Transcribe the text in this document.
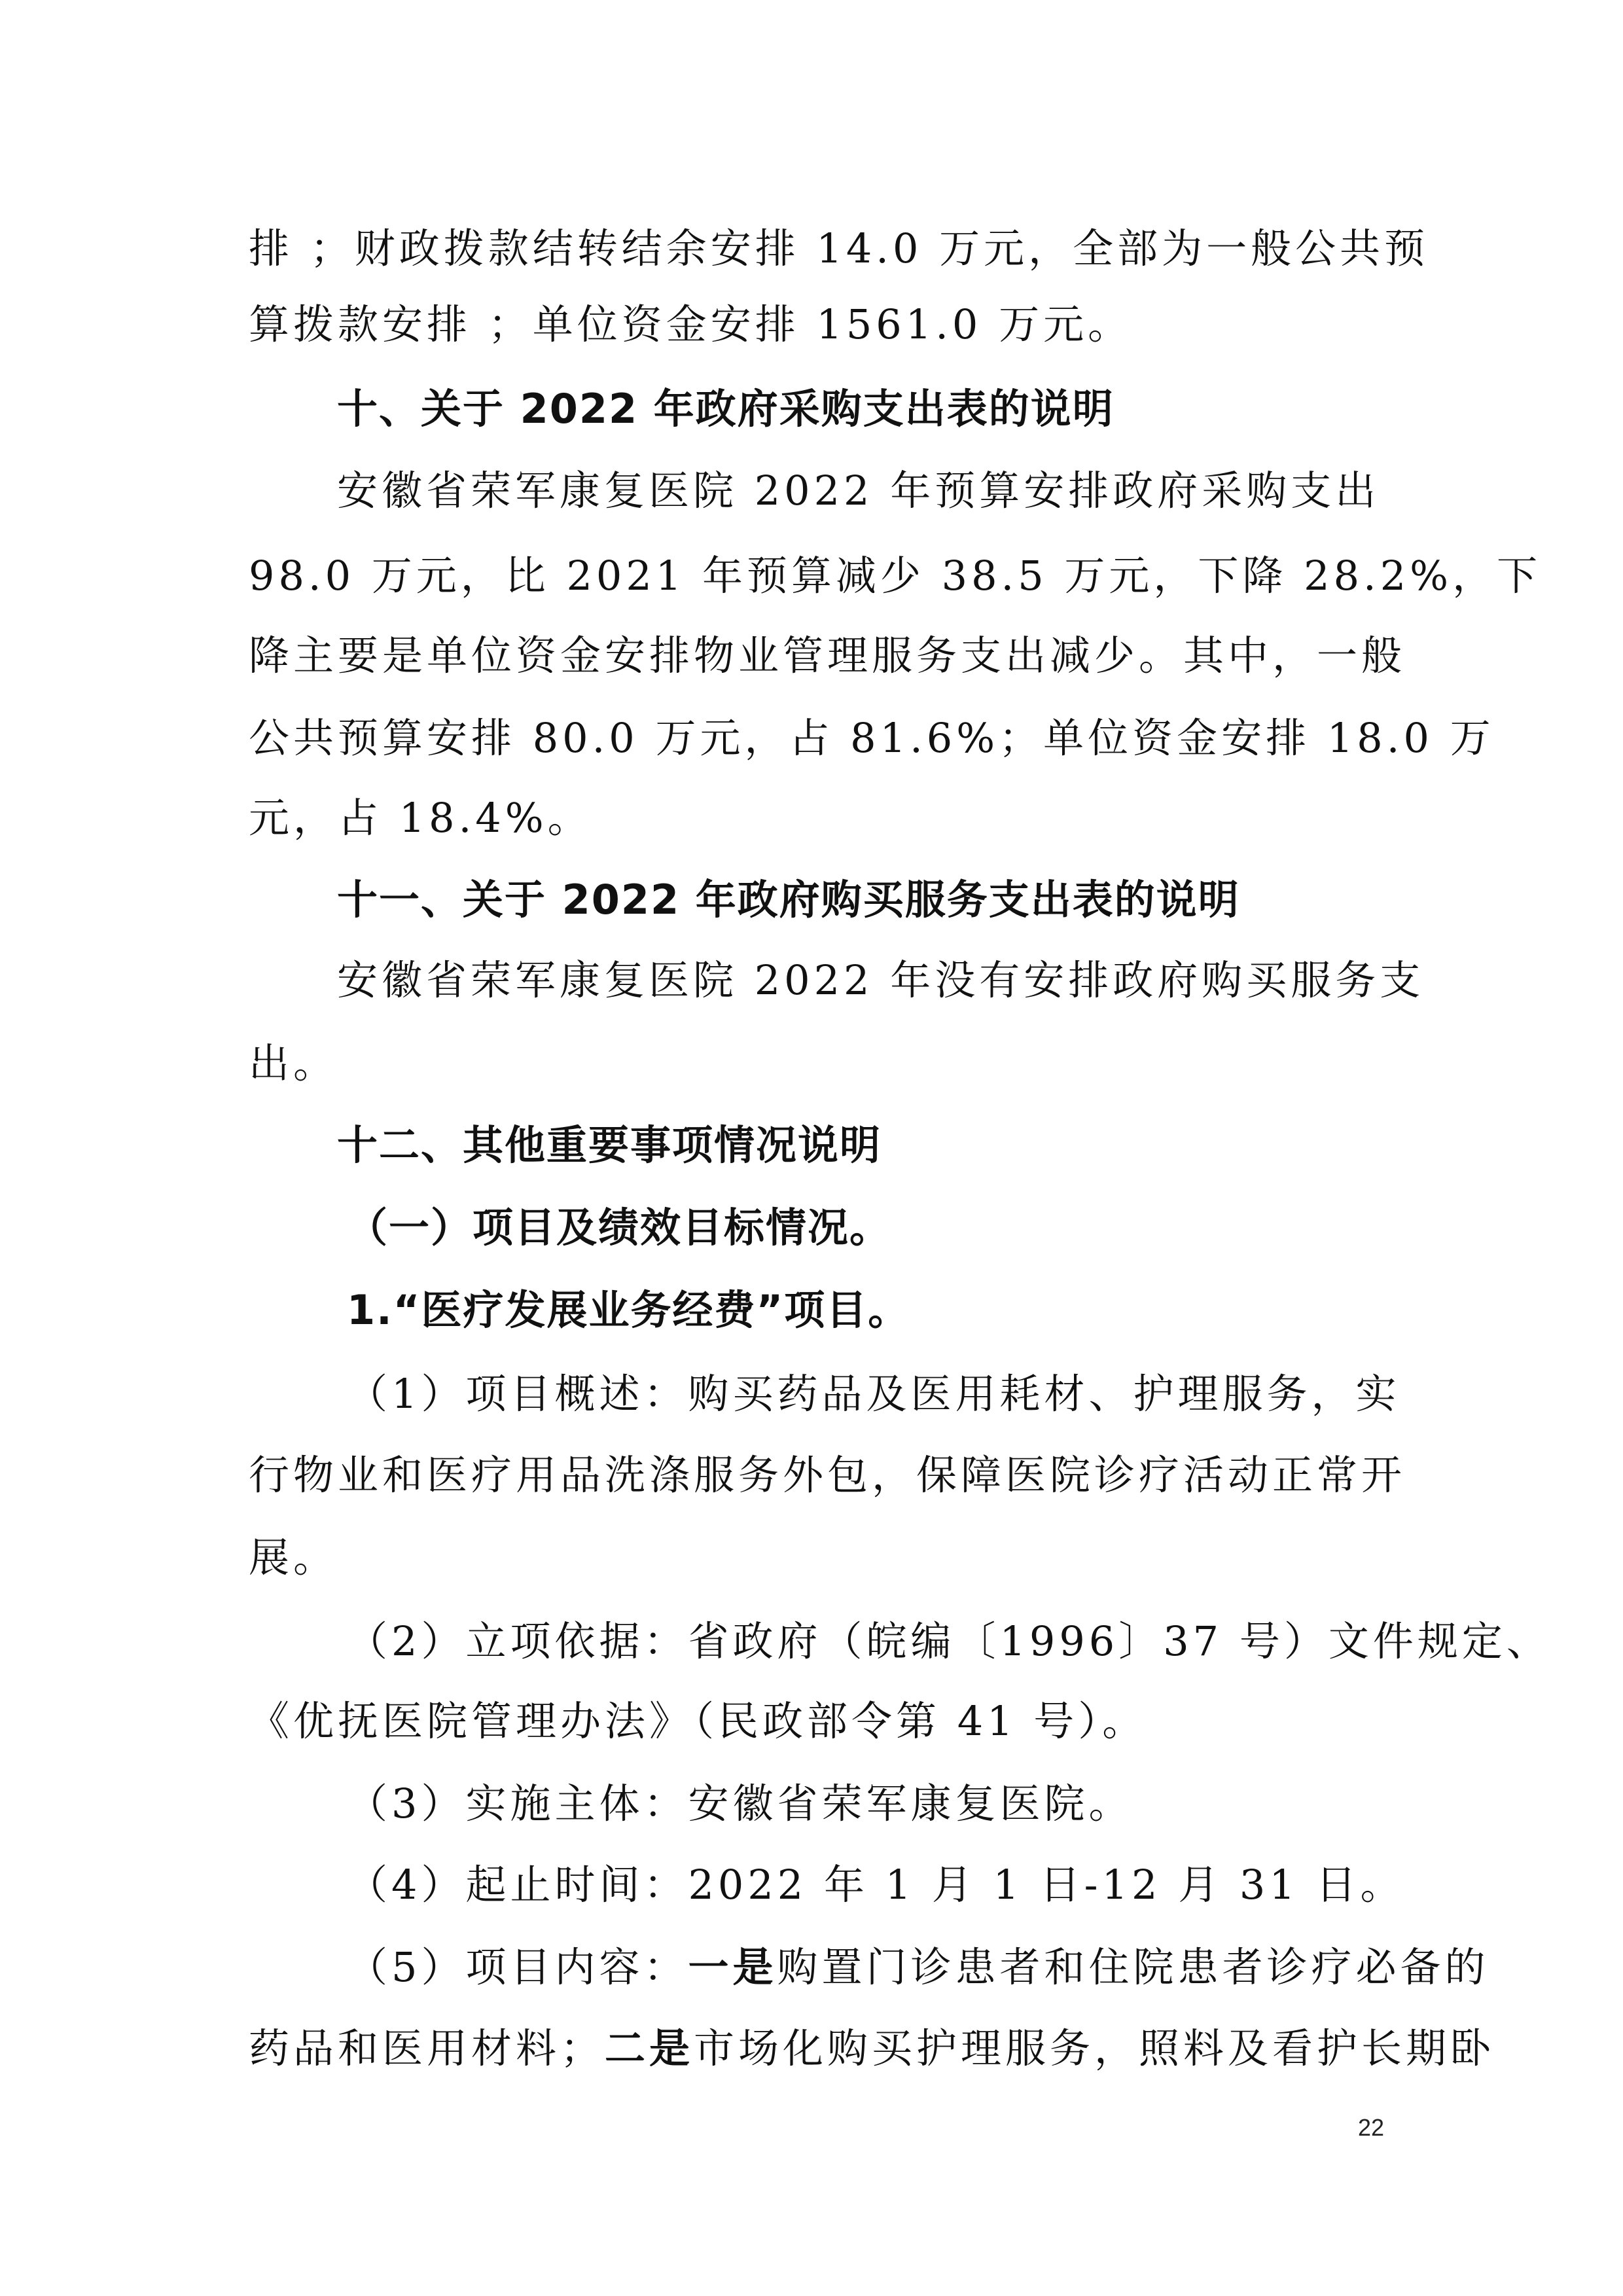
排 ；财政拨款结转结余安排 14.0 万元，全部为一般公共预
算拨款安排 ；单位资金安排 1561.0 万元。
十、关于 2022 年政府采购支出表的说明
安徽省荣军康复医院 2022 年预算安排政府采购支出
98.0 万元，比 2021 年预算减少 38.5 万元，下降 28.2%，下
降主要是单位资金安排物业管理服务支出减少。其中，一般
公共预算安排 80.0 万元，占 81.6%；单位资金安排 18.0 万
元，占 18.4%。
十一、关于 2022 年政府购买服务支出表的说明
安徽省荣军康复医院 2022 年没有安排政府购买服务支
出。
十二、其他重要事项情况说明
（一）项目及绩效目标情况。
1.“医疗发展业务经费”项目。
（1）项目概述：购买药品及医用耗材、护理服务，实
行物业和医疗用品洗涤服务外包，保障医院诊疗活动正常开
展。
（2）立项依据：省政府（皖编〔1996〕37 号）文件规定、
《优抚医院管理办法》（民政部令第 41 号）。
（3）实施主体：安徽省荣军康复医院。
（4）起止时间：2022 年 1 月 1 日-12 月 31 日。
（5）项目内容：一是购置门诊患者和住院患者诊疗必备的
药品和医用材料；二是市场化购买护理服务，照料及看护长期卧
22
